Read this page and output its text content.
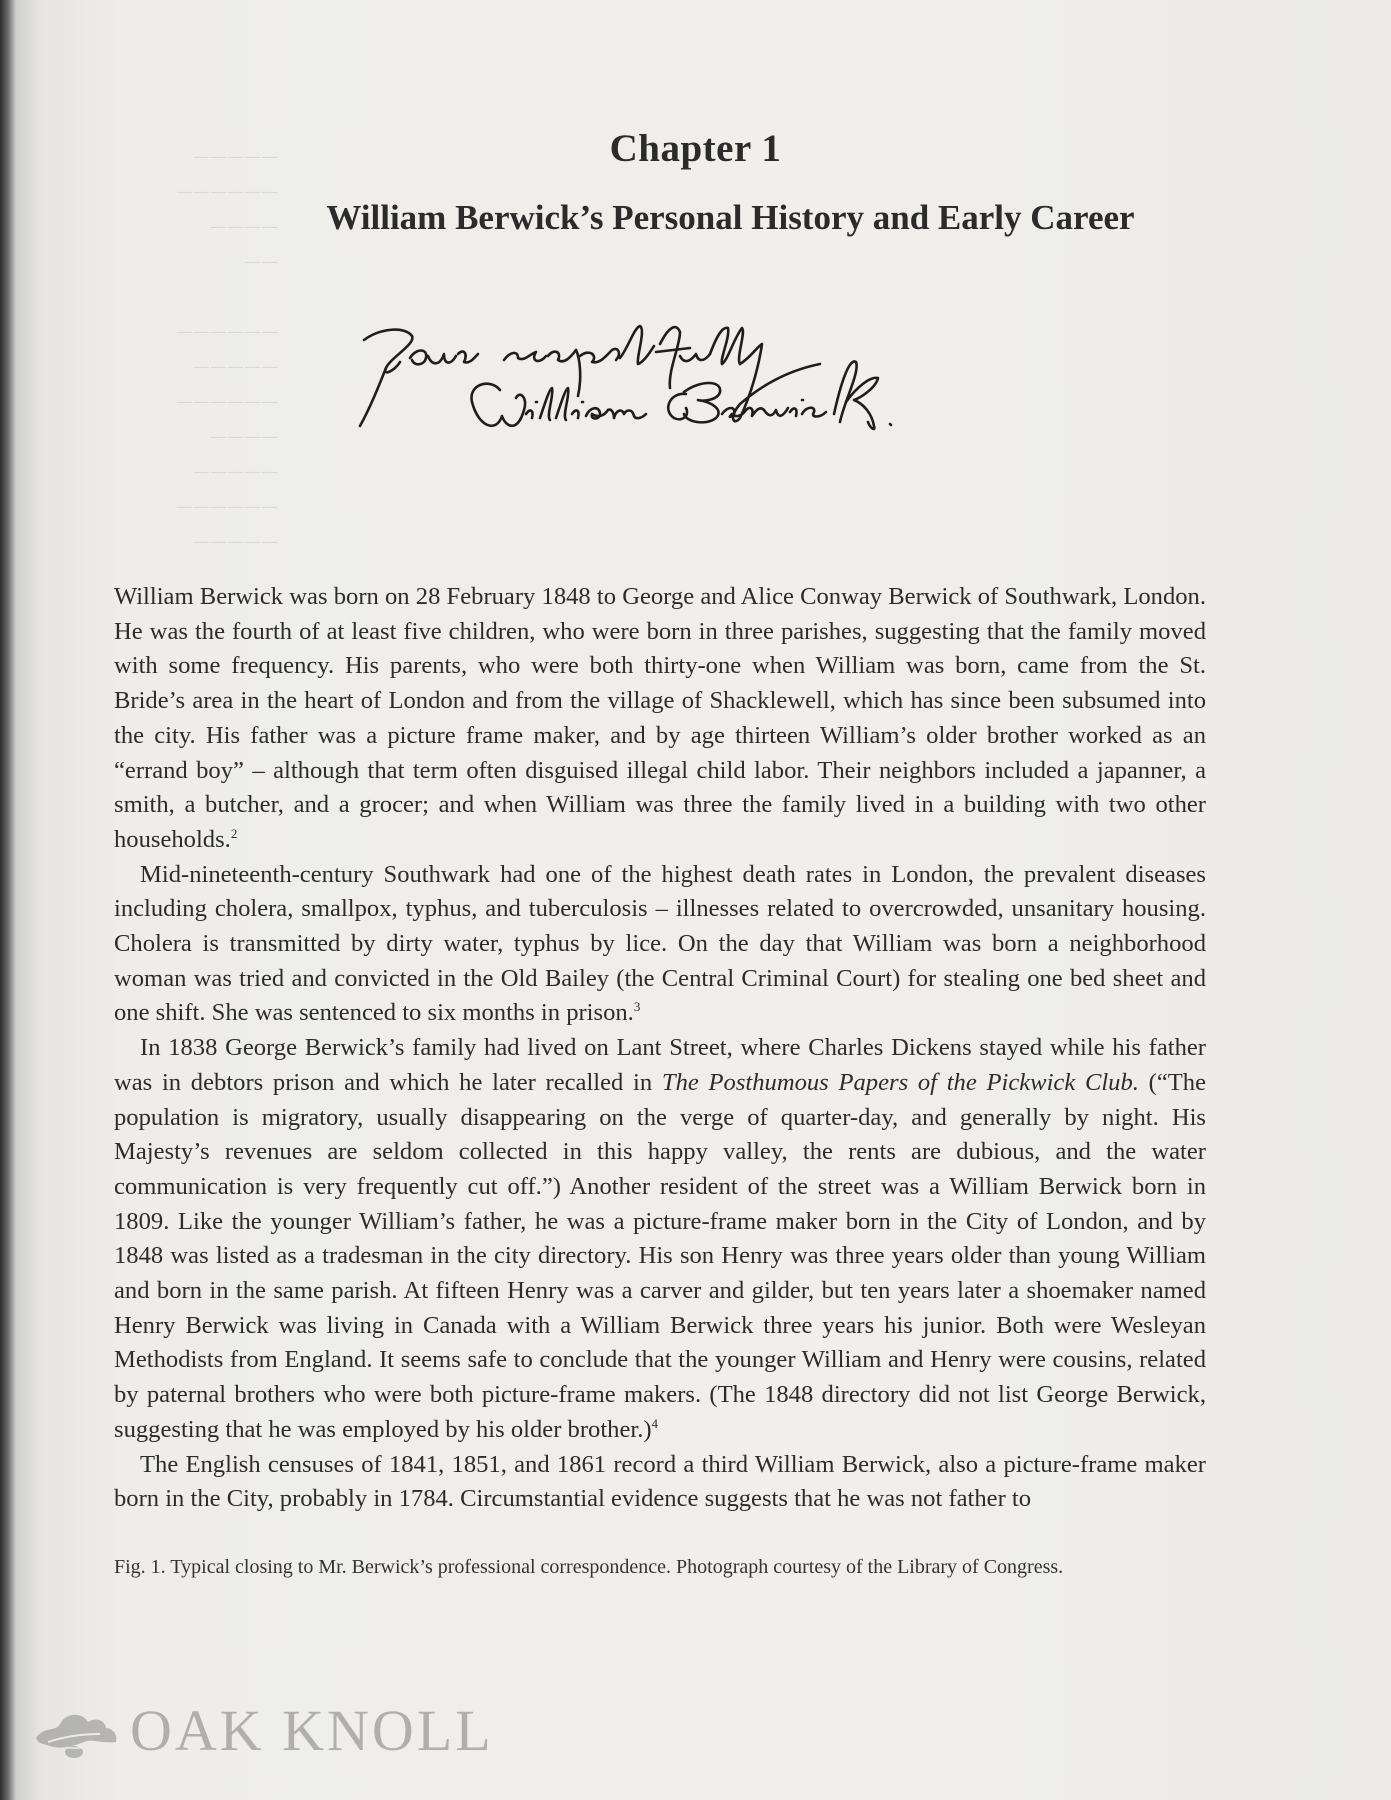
—————
——————
————
——

——————
—————
——————
————
—————
——————
—————
Chapter 1
William Berwick’s Personal History and Early Career

William Berwick was born on 28 February 1848 to George and Alice Conway Berwick of Southwark, London. He was the fourth of at least five children, who were born in three parishes, suggesting that the family moved with some frequency. His parents, who were both thirty-one when William was born, came from the St. Bride’s area in the heart of London and from the village of Shacklewell, which has since been subsumed into the city. His father was a picture frame maker, and by age thirteen William’s older brother worked as an “errand boy” – although that term often disguised illegal child labor. Their neighbors included a japanner, a smith, a butcher, and a grocer; and when William was three the family lived in a building with two other households.$^2$

Mid-nineteenth-century Southwark had one of the highest death rates in London, the prevalent diseases including cholera, smallpox, typhus, and tuberculosis – illnesses related to overcrowded, unsanitary housing. Cholera is transmitted by dirty water, typhus by lice. On the day that William was born a neighborhood woman was tried and convicted in the Old Bailey (the Central Criminal Court) for stealing one bed sheet and one shift. She was sentenced to six months in prison.$^3$

In 1838 George Berwick’s family had lived on Lant Street, where Charles Dickens stayed while his father was in debtors prison and which he later recalled in The Posthumous Papers of the Pickwick Club. (“The population is migratory, usually disappearing on the verge of quarter-day, and generally by night. His Majesty’s revenues are seldom collected in this happy valley, the rents are dubious, and the water communication is very frequently cut off.”) Another resident of the street was a William Berwick born in 1809. Like the younger William’s father, he was a picture-frame maker born in the City of London, and by 1848 was listed as a tradesman in the city directory. His son Henry was three years older than young William and born in the same parish. At fifteen Henry was a carver and gilder, but ten years later a shoemaker named Henry Berwick was living in Canada with a William Berwick three years his junior. Both were Wesleyan Methodists from England. It seems safe to conclude that the younger William and Henry were cousins, related by paternal brothers who were both picture-frame makers. (The 1848 directory did not list George Berwick, suggesting that he was employed by his older brother.)$^4$

The English censuses of 1841, 1851, and 1861 record a third William Berwick, also a picture-frame maker born in the City, probably in 1784. Circumstantial evidence suggests that he was not father to

Fig. 1. Typical closing to Mr. Berwick’s professional correspondence. Photograph courtesy of the Library of Congress.

OAK KNOLL
